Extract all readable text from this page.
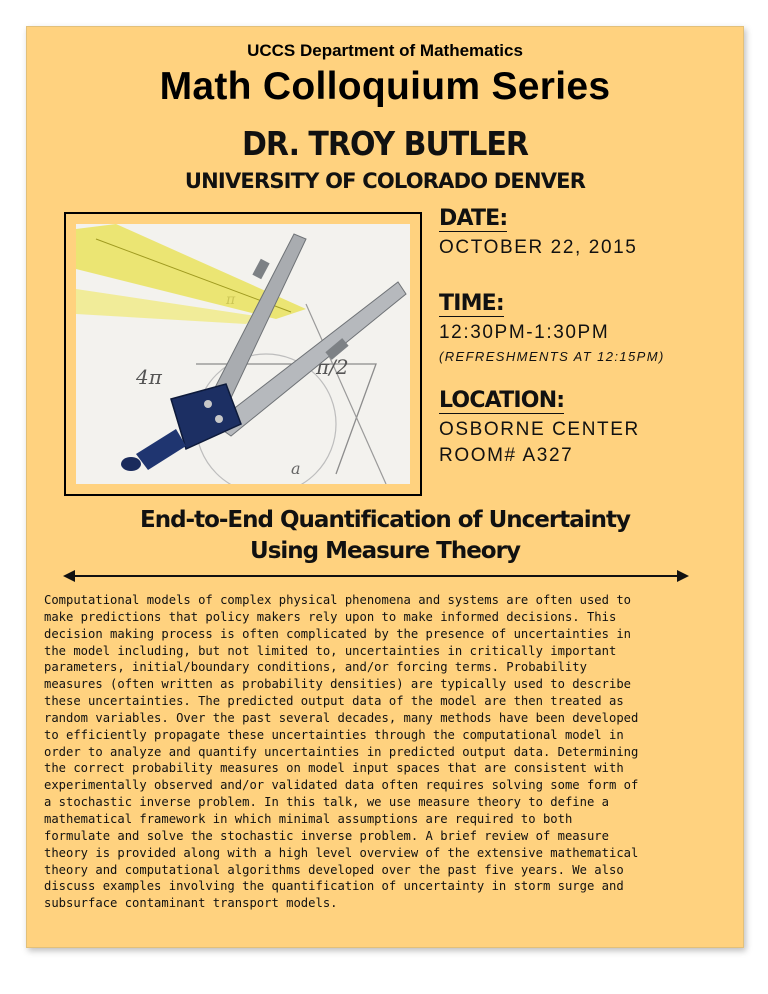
UCCS Department of Mathematics
Math Colloquium Series
DR. TROY BUTLER
UNIVERSITY OF COLORADO DENVER
4π	π/2
a
DATE:
OCTOBER 22, 2015
TIME:
12:30PM-1:30PM
(REFRESHMENTS AT 12:15PM)
LOCATION:
OSBORNE CENTER
ROOM# A327
End-to-End Quantification of Uncertainty
Using Measure Theory
Computational models of complex physical phenomena and systems are often used to
make predictions that policy makers rely upon to make informed decisions. This
decision making process is often complicated by the presence of uncertainties in
the model including, but not limited to, uncertainties in critically important
parameters, initial/boundary conditions, and/or forcing terms. Probability
measures (often written as probability densities) are typically used to describe
these uncertainties. The predicted output data of the model are then treated as
random variables. Over the past several decades, many methods have been developed
to efficiently propagate these uncertainties through the computational model in
order to analyze and quantify uncertainties in predicted output data. Determining
the correct probability measures on model input spaces that are consistent with
experimentally observed and/or validated data often requires solving some form of
a stochastic inverse problem. In this talk, we use measure theory to define a
mathematical framework in which minimal assumptions are required to both
formulate and solve the stochastic inverse problem. A brief review of measure
theory is provided along with a high level overview of the extensive mathematical
theory and computational algorithms developed over the past five years. We also
discuss examples involving the quantification of uncertainty in storm surge and
subsurface contaminant transport models.
